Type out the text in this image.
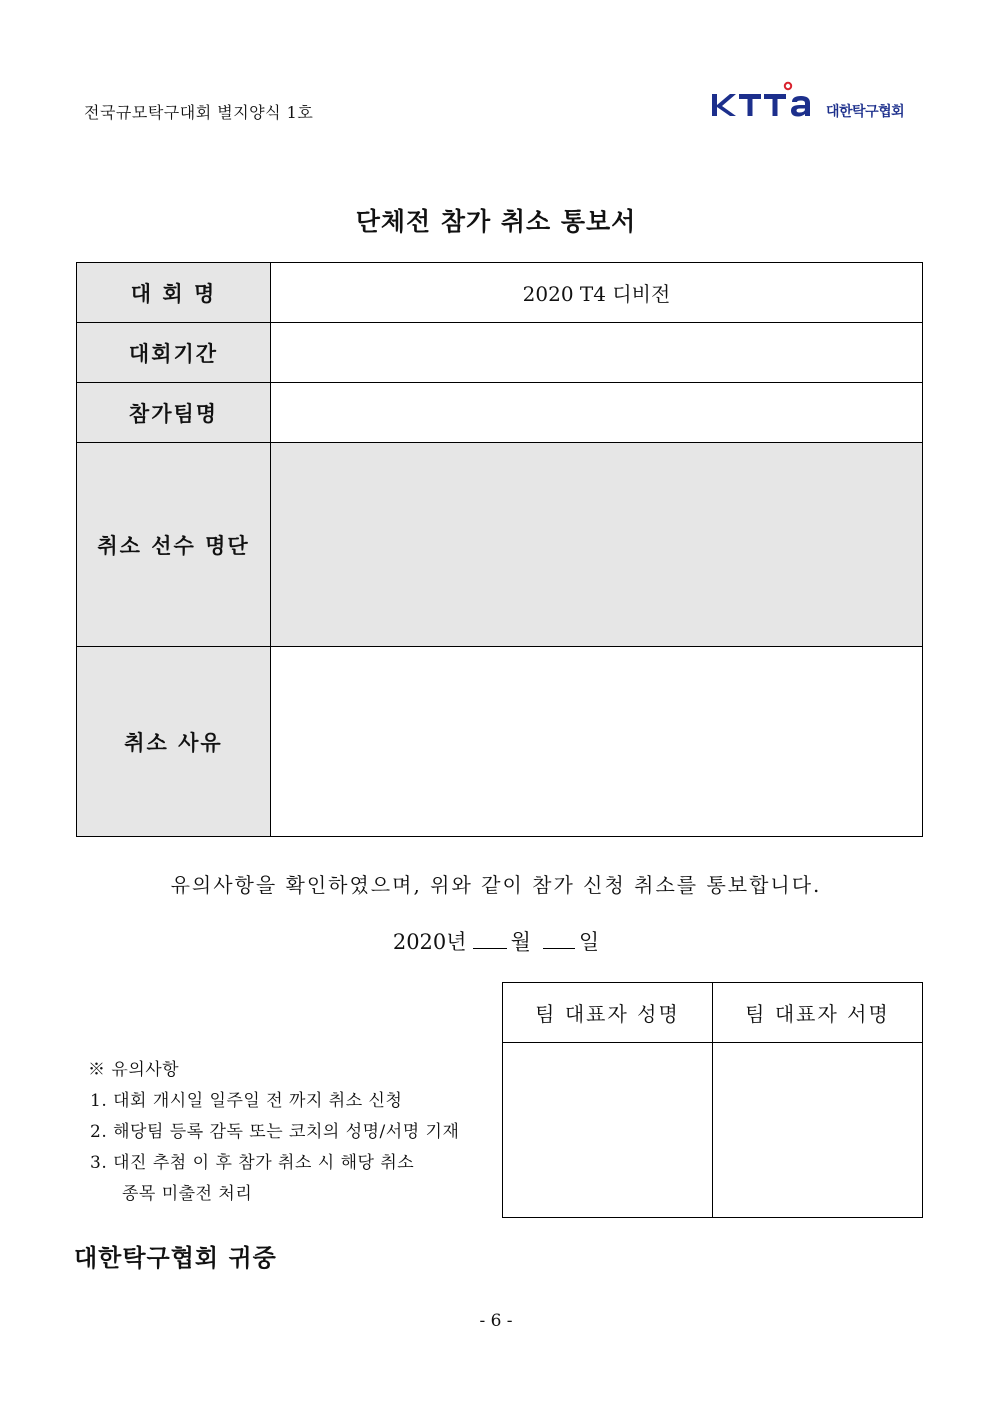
전국규모탁구대회 별지양식 1호	대한탁구협회
단체전 참가 취소 통보서
대 회 명	2020 T4 디비전
대회기간	
참가팀명	
취소 선수 명단	
취소 사유	
유의사항을 확인하였으며, 위와 같이 참가 신청 취소를 통보합니다.
2020년 월 일
팀 대표자 성명	팀 대표자 서명

※ 유의사항
1. 대회 개시일 일주일 전 까지 취소 신청
2. 해당팀 등록 감독 또는 코치의 성명/서명 기재
3. 대진 추첨 이 후 참가 취소 시 해당 취소
종목 미출전 처리
대한탁구협회 귀중
- 6 -
